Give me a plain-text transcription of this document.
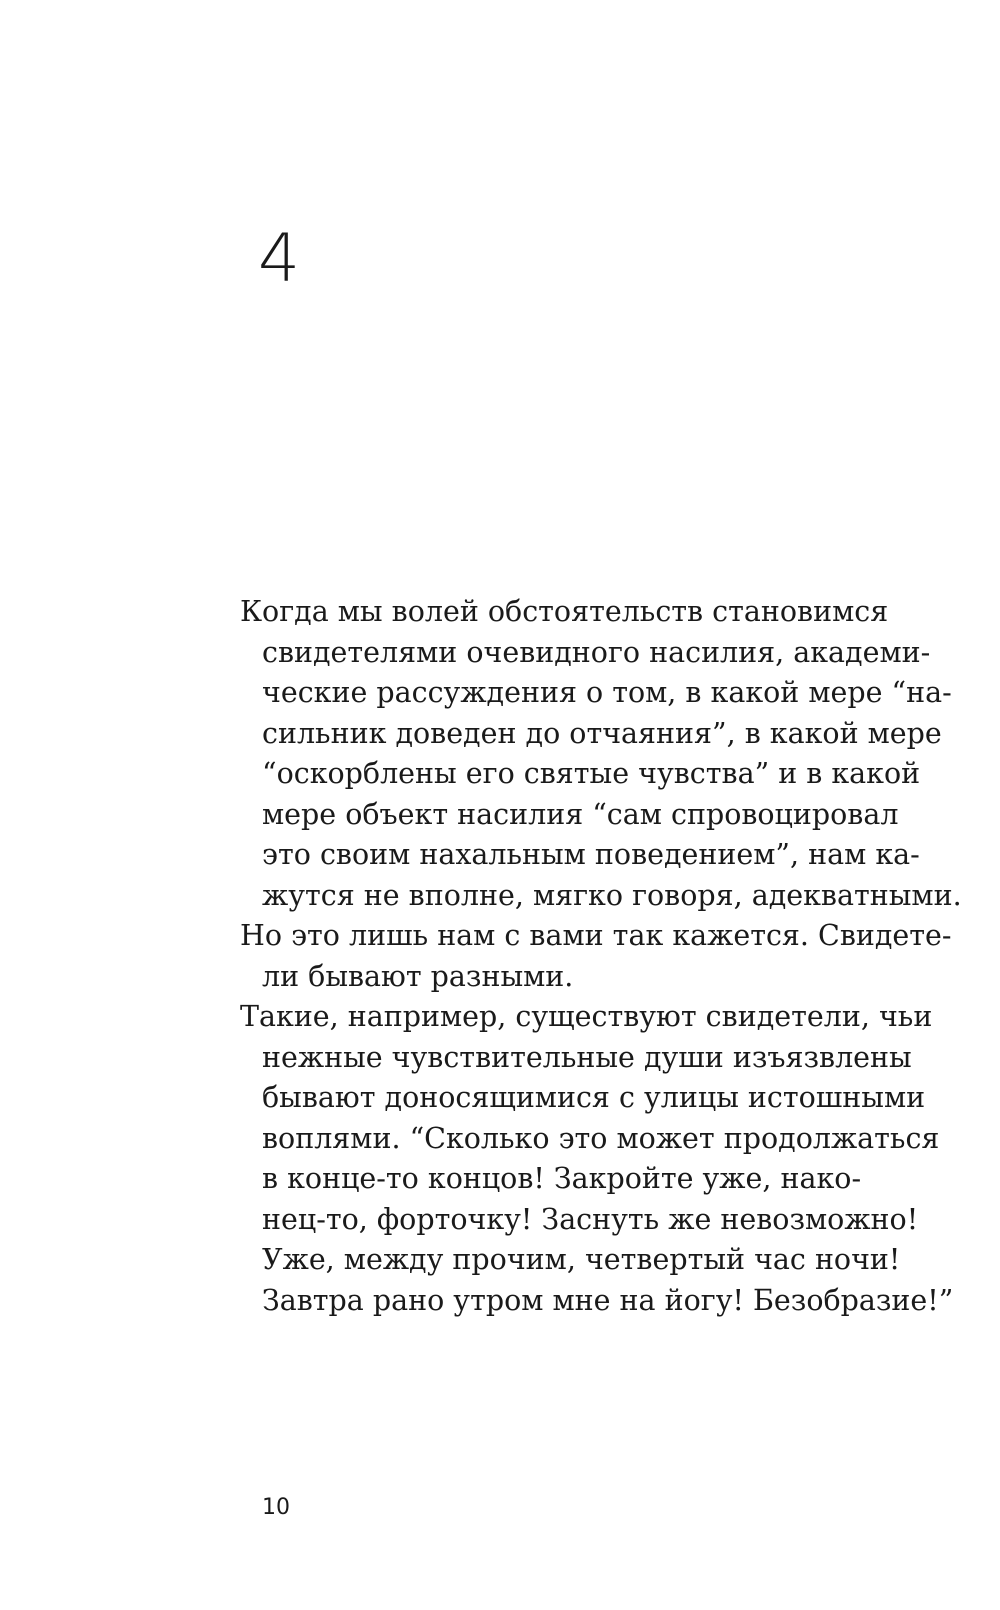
4

Когда мы волей обстоятельств становимся
свидетелями очевидного насилия, академи-
ческие рассуждения о том, в какой мере “на-
сильник доведен до отчаяния”, в какой мере
“оскорблены его святые чувства” и в какой
мере объект насилия “сам спровоцировал
это своим нахальным поведением”, нам ка-
жутся не вполне, мягко говоря, адекватными.

Но это лишь нам с вами так кажется. Свидете-
ли бывают разными.

Такие, например, существуют свидетели, чьи
нежные чувствительные души изъязвлены
бывают доносящимися с улицы истошными
воплями. “Сколько это может продолжаться
в конце-то концов! Закройте уже, нако-
нец-то, форточку! Заснуть же невозможно!
Уже, между прочим, четвертый час ночи!
Завтра рано утром мне на йогу! Безобразие!”

10
